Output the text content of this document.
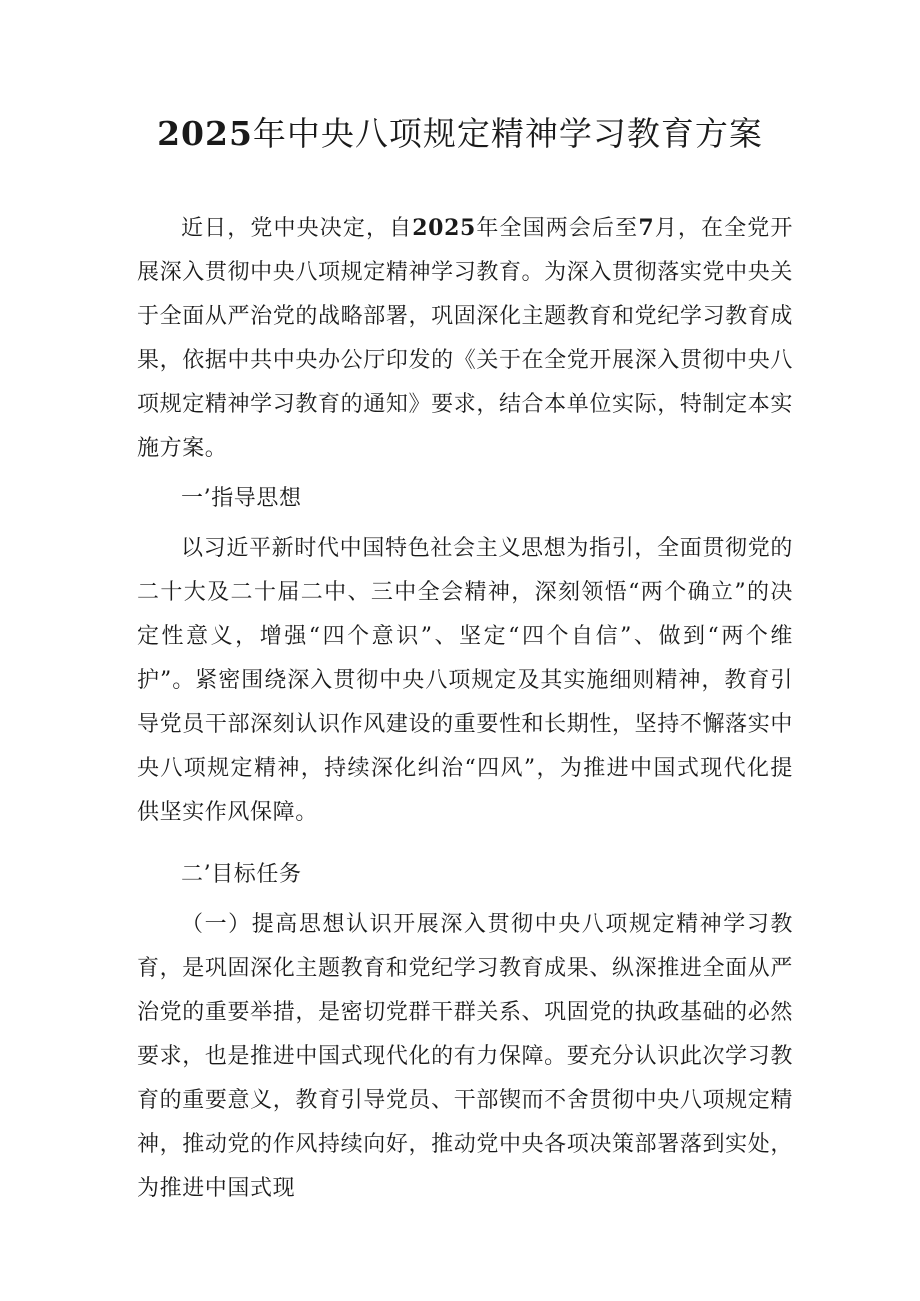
2025年中央八项规定精神学习教育方案

近日，党中央决定，自2025年全国两会后至7月，在全党开展深入贯彻中央八项规定精神学习教育。为深入贯彻落实党中央关于全面从严治党的战略部署，巩固深化主题教育和党纪学习教育成果，依据中共中央办公厅印发的《关于在全党开展深入贯彻中央八项规定精神学习教育的通知》要求，结合本单位实际，特制定本实施方案。

一’指导思想

以习近平新时代中国特色社会主义思想为指引，全面贯彻党的二十大及二十届二中、三中全会精神，深刻领悟“两个确立”的决定性意义，增强“四个意识”、坚定“四个自信”、做到“两个维护”。紧密围绕深入贯彻中央八项规定及其实施细则精神，教育引导党员干部深刻认识作风建设的重要性和长期性，坚持不懈落实中央八项规定精神，持续深化纠治“四风”，为推进中国式现代化提供坚实作风保障。

二’目标任务

（一）提高思想认识开展深入贯彻中央八项规定精神学习教育，是巩固深化主题教育和党纪学习教育成果、纵深推进全面从严治党的重要举措，是密切党群干群关系、巩固党的执政基础的必然要求，也是推进中国式现代化的有力保障。要充分认识此次学习教育的重要意义，教育引导党员、干部锲而不舍贯彻中央八项规定精神，推动党的作风持续向好，推动党中央各项决策部署落到实处，为推进中国式现
